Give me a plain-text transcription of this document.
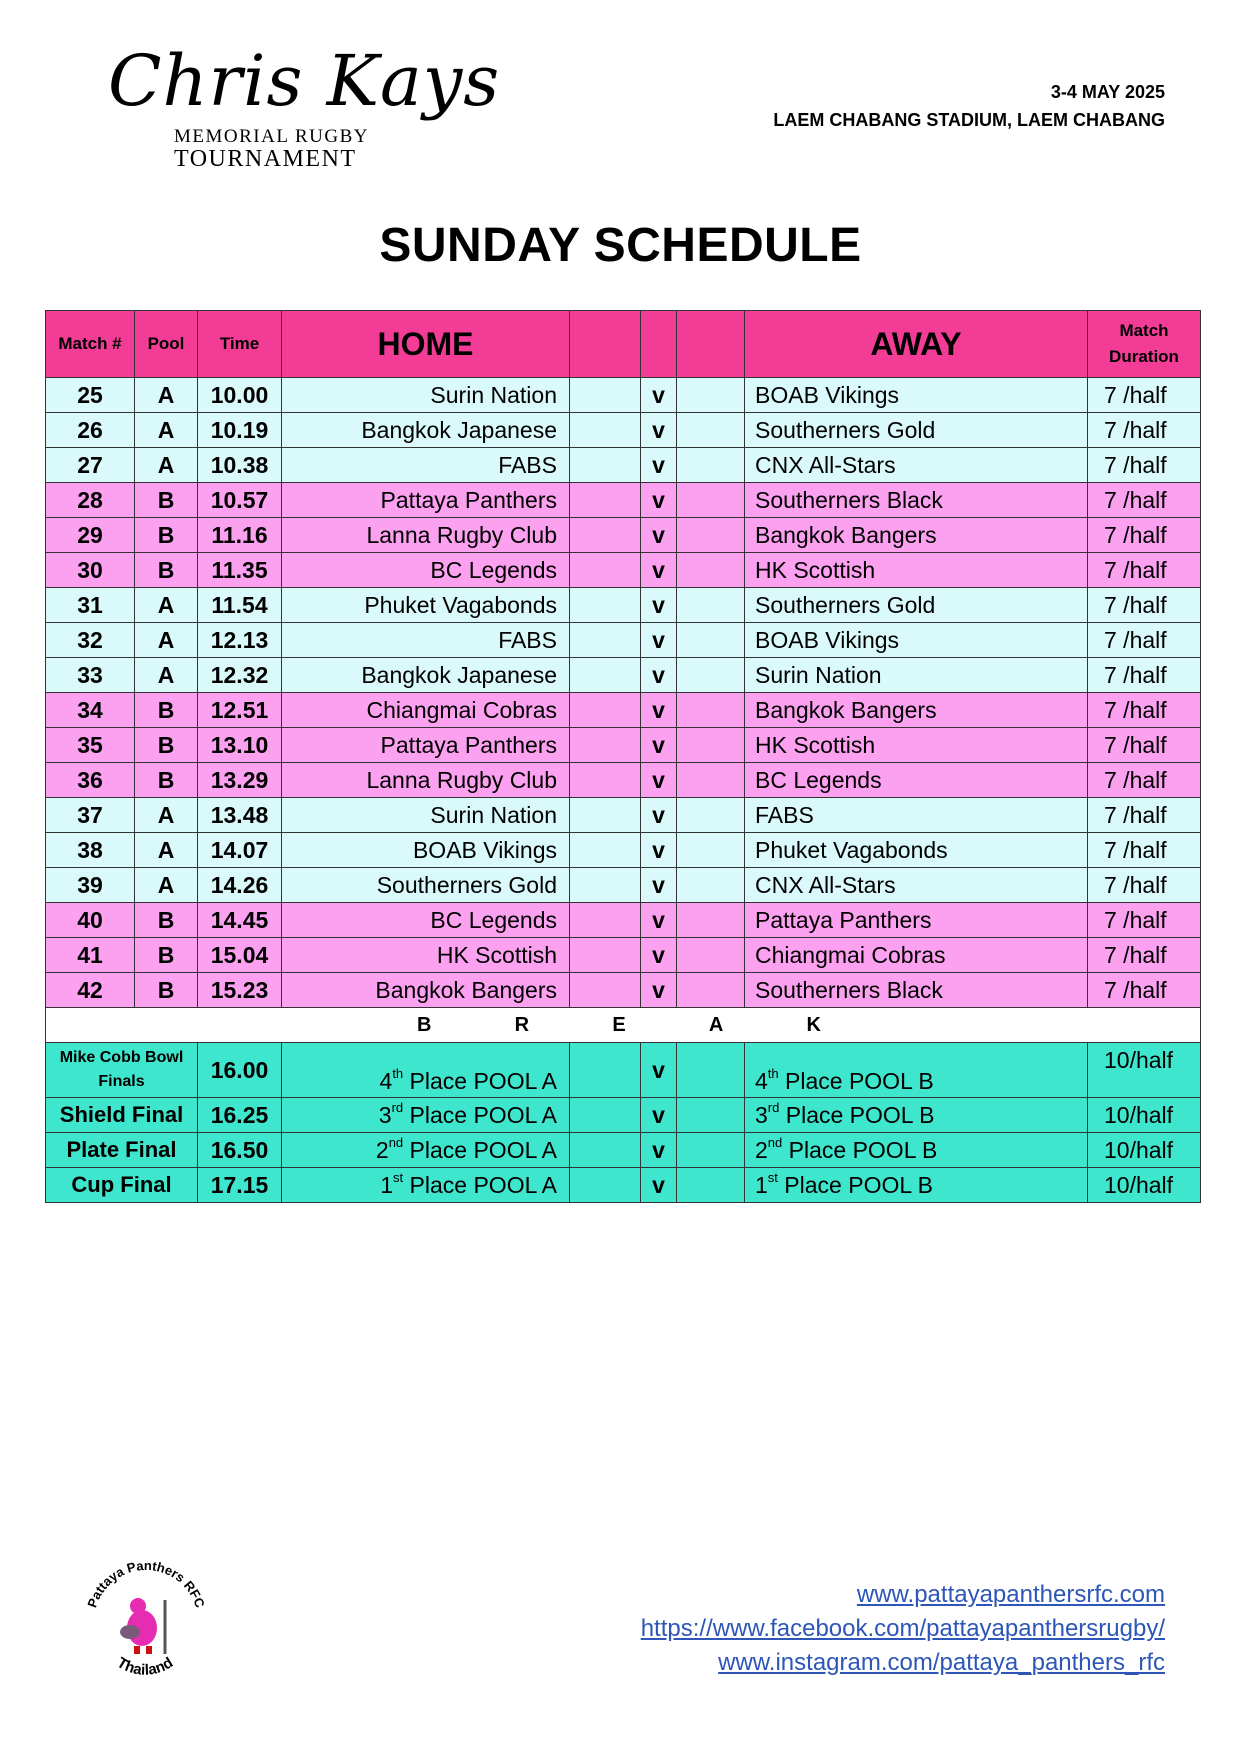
Chris Kays
MEMORIAL RUGBY
TOURNAMENT
3-4 MAY 2025
LAEM CHABANG STADIUM, LAEM CHABANG
SUNDAY SCHEDULE
Match #	Pool	Time	HOME				AWAY	Match Duration

25	A	10.00	Surin Nation		v		BOAB Vikings	7 /half
26	A	10.19	Bangkok Japanese		v		Southerners Gold	7 /half
27	A	10.38	FABS		v		CNX All-Stars	7 /half
28	B	10.57	Pattaya Panthers		v		Southerners Black	7 /half
29	B	11.16	Lanna Rugby Club		v		Bangkok Bangers	7 /half
30	B	11.35	BC Legends		v		HK Scottish	7 /half
31	A	11.54	Phuket Vagabonds		v		Southerners Gold	7 /half
32	A	12.13	FABS		v		BOAB Vikings	7 /half
33	A	12.32	Bangkok Japanese		v		Surin Nation	7 /half
34	B	12.51	Chiangmai Cobras		v		Bangkok Bangers	7 /half
35	B	13.10	Pattaya Panthers		v		HK Scottish	7 /half
36	B	13.29	Lanna Rugby Club		v		BC Legends	7 /half
37	A	13.48	Surin Nation		v		FABS	7 /half
38	A	14.07	BOAB Vikings		v		Phuket Vagabonds	7 /half
39	A	14.26	Southerners Gold		v		CNX All-Stars	7 /half
40	B	14.45	BC Legends		v		Pattaya Panthers	7 /half
41	B	15.04	HK Scottish		v		Chiangmai Cobras	7 /half
42	B	15.23	Bangkok Bangers		v		Southerners Black	7 /half

B R E A K								

Mike Cobb Bowl Finals		16.00	4th Place POOL A		v		4th Place POOL B	10/half
Shield Final		16.25	3rd Place POOL A		v		3rd Place POOL B	10/half
Plate Final		16.50	2nd Place POOL A		v		2nd Place POOL B	10/half
Cup Final		17.15	1st Place POOL A		v		1st Place POOL B	10/half
Pattaya Panthers RFC
Thailand
www.pattayapanthersrfc.com
https://www.facebook.com/pattayapanthersrugby/
www.instagram.com/pattaya_panthers_rfc
